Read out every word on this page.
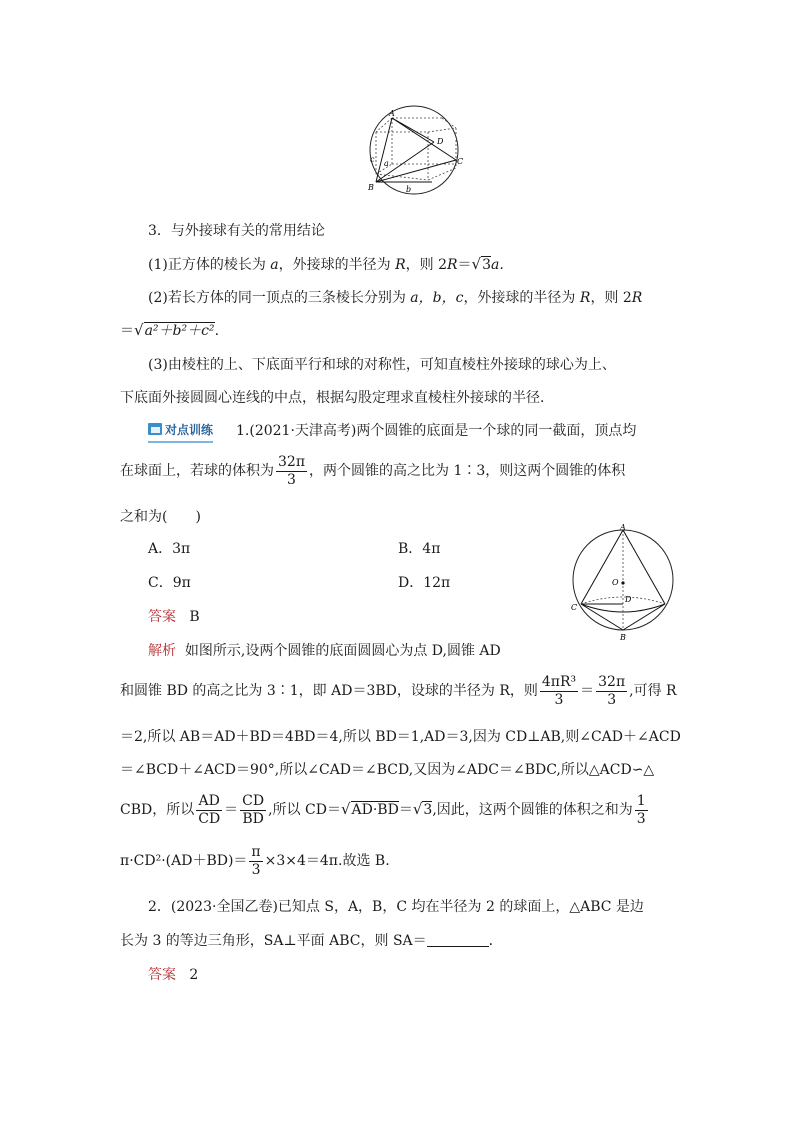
A
B
C
D
a
b
c
3．与外接球有关的常用结论
(1)正方体的棱长为 a，外接球的半径为 R，则 2R＝√3a.
(2)若长方体的同一顶点的三条棱长分别为 a，b，c，外接球的半径为 R，则 2R
＝√a²＋b²＋c².
(3)由棱柱的上、下底面平行和球的对称性，可知直棱柱外接球的球心为上、
下底面外接圆圆心连线的中点，根据勾股定理求直棱柱外接球的半径．
对点训练 1.(2021·天津高考)两个圆锥的底面是一个球的同一截面，顶点均
在球面上，若球的体积为 $\frac{32\pi}{3}$ ，两个圆锥的高之比为 1∶3，则这两个圆锥的体积
之和为(　　)
A．3π	B．4π
C．9π	D．12π
答案 B
A
B
C
D
O
解析 如图所示,设两个圆锥的底面圆圆心为点 D,圆锥 AD
和圆锥 BD 的高之比为 3∶1，即 AD＝3BD，设球的半径为 R，则 $\frac{\text{4πR³}}{3} = \frac{32\pi}{3}$ ,可得 R
＝2,所以 AB＝AD＋BD＝4BD＝4,所以 BD＝1,AD＝3,因为 CD⊥AB,则∠CAD＋∠ACD
＝∠BCD＋∠ACD＝90°,所以∠CAD＝∠BCD,又因为∠ADC＝∠BDC,所以△ACD∽△
CBD，所以 $\frac{AD}{CD} = \frac{CD}{BD}$ ,所以 CD＝√AD·BD＝√3,因此，这两个圆锥的体积之和为 $\frac{1}{3}$
$\pi\cdot CD^2\cdot(AD+BD)= \frac{\pi}{3} \times 3\times 4=4\pi$.故选 B.
2．(2023·全国乙卷)已知点 S，A，B，C 均在半径为 2 的球面上，△ABC 是边
长为 3 的等边三角形，SA⊥平面 ABC，则 SA＝	．
答案 2
